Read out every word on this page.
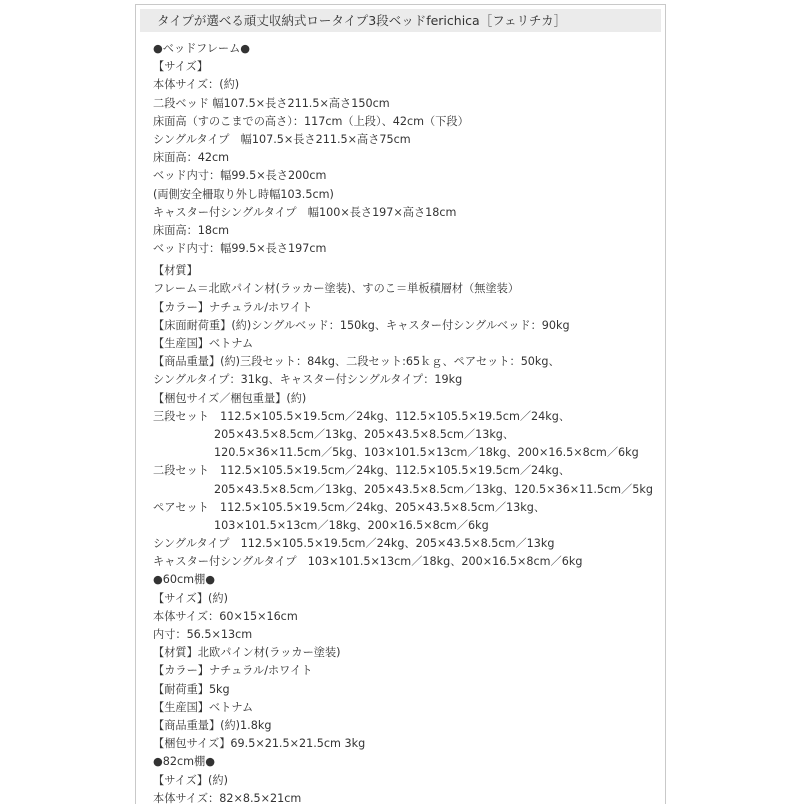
タイプが選べる頑丈収納式ロータイプ3段ベッドferichica［フェリチカ］
●ベッドフレーム●
【サイズ】
本体サイズ：(約)
二段ベッド 幅107.5×長さ211.5×高さ150cm
床面高（すのこまでの高さ）：117cm（上段）、42cm（下段）
シングルタイプ　幅107.5×長さ211.5×高さ75cm
床面高：42cm
ベッド内寸：幅99.5×長さ200cm
(両側安全柵取り外し時幅103.5cm)
キャスター付シングルタイプ　幅100×長さ197×高さ18cm
床面高：18cm
ベッド内寸：幅99.5×長さ197cm
【材質】
フレーム＝北欧パイン材(ラッカー塗装)、すのこ＝単板積層材（無塗装）
【カラー】ナチュラル/ホワイト
【床面耐荷重】(約)シングルベッド：150kg、キャスター付シングルベッド：90kg
【生産国】ベトナム
【商品重量】(約)三段セット：84kg、二段セット:65ｋｇ、ペアセット：50kg、
シングルタイプ：31kg、キャスター付シングルタイプ：19kg
【梱包サイズ／梱包重量】(約)
三段セット　112.5×105.5×19.5cm／24kg、112.5×105.5×19.5cm／24kg、
205×43.5×8.5cm／13kg、205×43.5×8.5cm／13kg、
120.5×36×11.5cm／5kg、103×101.5×13cm／18kg、200×16.5×8cm／6kg
二段セット　112.5×105.5×19.5cm／24kg、112.5×105.5×19.5cm／24kg、
205×43.5×8.5cm／13kg、205×43.5×8.5cm／13kg、120.5×36×11.5cm／5kg
ペアセット　112.5×105.5×19.5cm／24kg、205×43.5×8.5cm／13kg、
103×101.5×13cm／18kg、200×16.5×8cm／6kg
シングルタイプ　112.5×105.5×19.5cm／24kg、205×43.5×8.5cm／13kg
キャスター付シングルタイプ　103×101.5×13cm／18kg、200×16.5×8cm／6kg
●60cm棚●
【サイズ】(約)
本体サイズ：60×15×16cm
内寸：56.5×13cm
【材質】北欧パイン材(ラッカー塗装)
【カラー】ナチュラル/ホワイト
【耐荷重】5kg
【生産国】ベトナム
【商品重量】(約)1.8kg
【梱包サイズ】69.5×21.5×21.5cm 3kg
●82cm棚●
【サイズ】(約)
本体サイズ：82×8.5×21cm
